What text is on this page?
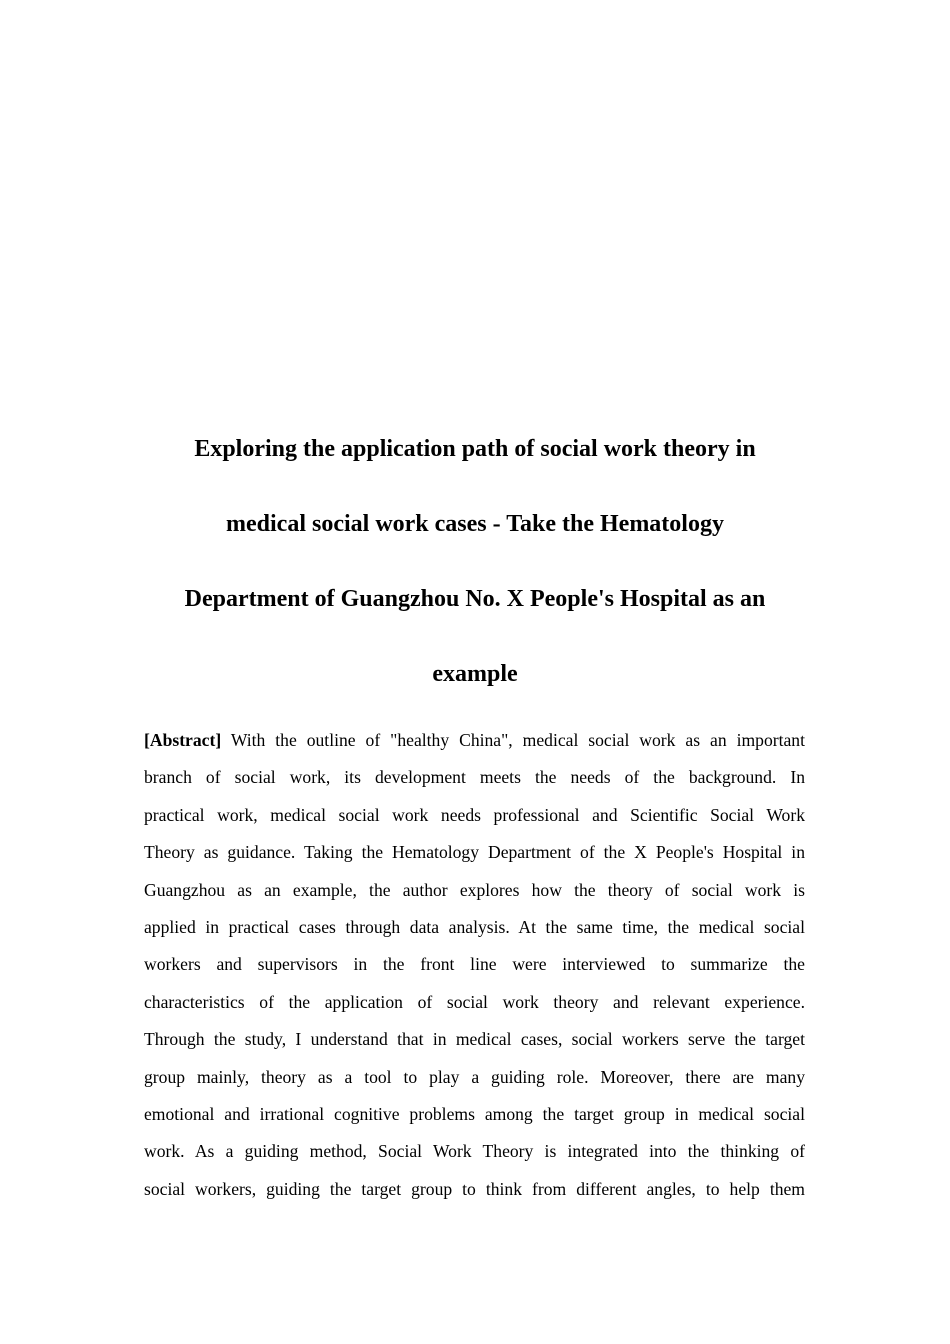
Exploring the application path of social work theory in
medical social work cases - Take the Hematology
Department of Guangzhou No. X People's Hospital as an
example
[Abstract] With the outline of "healthy China", medical social work as an important
branch of social work, its development meets the needs of the background. In
practical work, medical social work needs professional and Scientific Social Work
Theory as guidance. Taking the Hematology Department of the X People's Hospital in
Guangzhou as an example, the author explores how the theory of social work is
applied in practical cases through data analysis. At the same time, the medical social
workers and supervisors in the front line were interviewed to summarize the
characteristics of the application of social work theory and relevant experience.
Through the study, I understand that in medical cases, social workers serve the target
group mainly, theory as a tool to play a guiding role. Moreover, there are many
emotional and irrational cognitive problems among the target group in medical social
work. As a guiding method, Social Work Theory is integrated into the thinking of
social workers, guiding the target group to think from different angles, to help them
